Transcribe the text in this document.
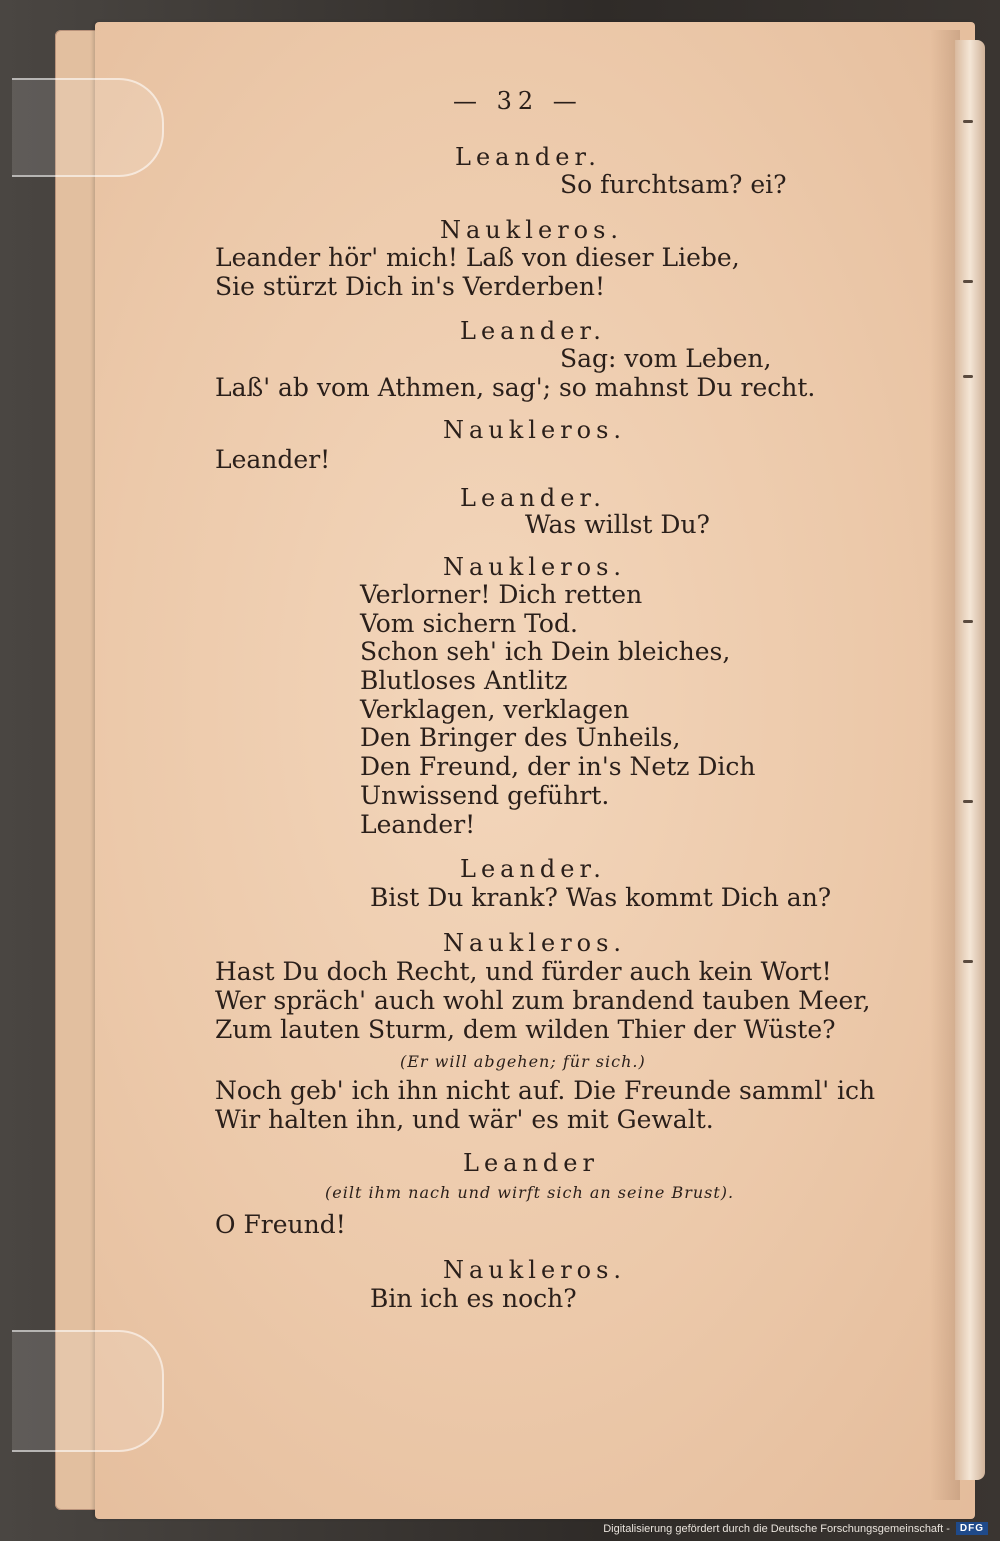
— 32 —
Leander.
So furchtsam? ei?
Naukleros.
Leander hör' mich! Laß von dieser Liebe,
Sie stürzt Dich in's Verderben!
Leander.
Sag: vom Leben,
Laß' ab vom Athmen, sag'; so mahnst Du recht.
Naukleros.
Leander!
Leander.
Was willst Du?
Naukleros.
Verlorner! Dich retten
Vom sichern Tod.
Schon seh' ich Dein bleiches,
Blutloses Antlitz
Verklagen, verklagen
Den Bringer des Unheils,
Den Freund, der in's Netz Dich
Unwissend geführt.
Leander!
Leander.
Bist Du krank? Was kommt Dich an?
Naukleros.
Hast Du doch Recht, und fürder auch kein Wort!
Wer spräch' auch wohl zum brandend tauben Meer,
Zum lauten Sturm, dem wilden Thier der Wüste?
(Er will abgehen; für sich.)
Noch geb' ich ihn nicht auf. Die Freunde samml' ich
Wir halten ihn, und wär' es mit Gewalt.
Leander
(eilt ihm nach und wirft sich an seine Brust).
O Freund!
Naukleros.
Bin ich es noch?
Digitalisierung gefördert durch die Deutsche Forschungsgemeinschaft -	DFG
